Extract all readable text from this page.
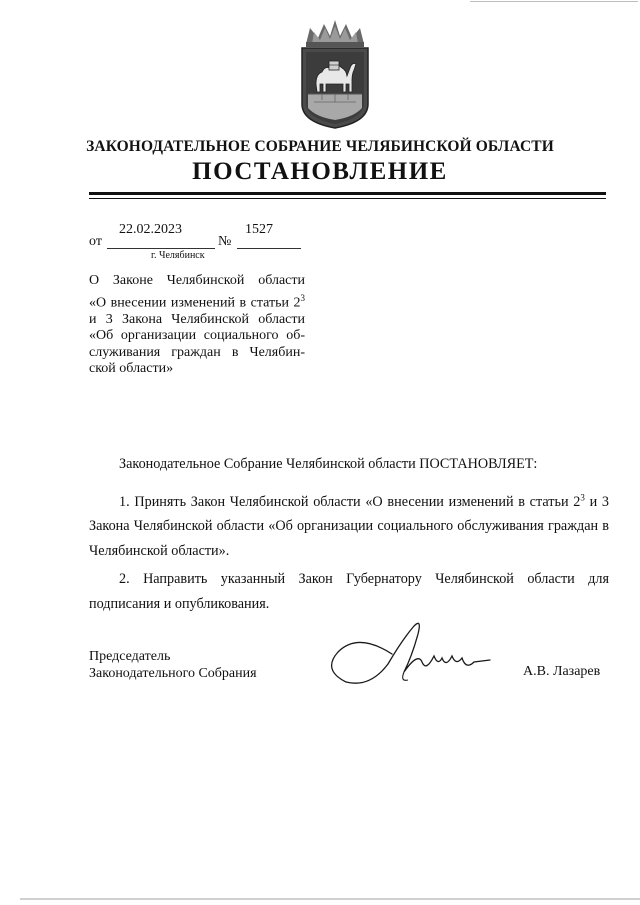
ЗАКОНОДАТЕЛЬНОЕ СОБРАНИЕ ЧЕЛЯБИНСКОЙ ОБЛАСТИ
ПОСТАНОВЛЕНИЕ
от
22.02.2023
№
1527
г. Челябинск
О Законе Челябинской области
«О внесении изменений в статьи $2^3$
и 3 Закона Челябинской области
«Об организации социального об-
служивания граждан в Челябин-
ской области»

Законодательное Собрание Челябинской области ПОСТАНОВЛЯЕТ:

1. Принять Закон Челябинской области «О внесении изменений в статьи $2^3$ и 3 Закона Челябинской области «Об организации социального обслуживания граждан в Челябинской области».

2. Направить указанный Закон Губернатору Челябинской области для подписания и опубликования.

Председатель
Законодательного Собрания	А.В. Лазарев
